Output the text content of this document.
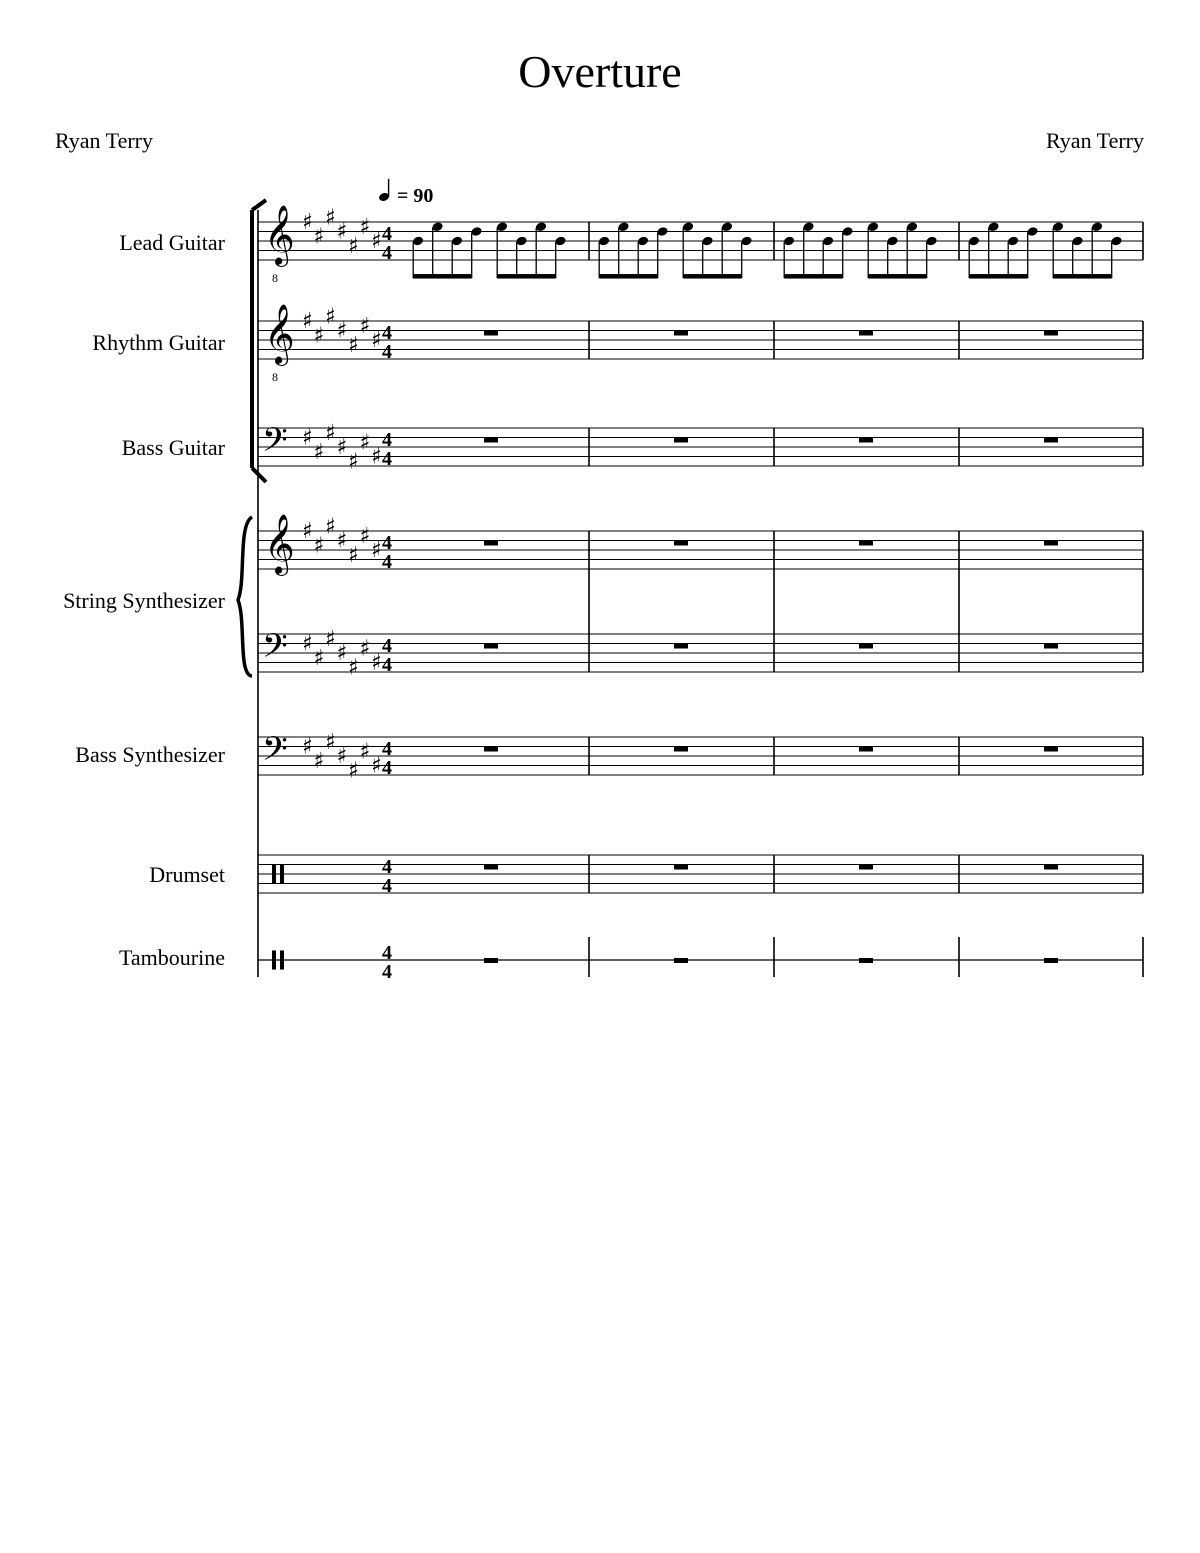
Overture
Ryan Terry	Ryan Terry
Lead Guitar
Rhythm Guitar
Bass Guitar
String Synthesizer
Bass Synthesizer
Drumset
Tambourine
𝄞 ♯
♯
♯
♯
♯
♯
♯
8
4
4
𝄞 ♯
♯
♯
♯
♯
♯
♯
8
4
4
𝄢 ♯
♯
♯
♯
♯
♯
♯
4
4
𝄞 ♯
♯
♯
♯
♯
♯
♯ 4
4
𝄢 ♯
♯
♯
♯
♯
♯
♯
4
4
𝄢 ♯
♯
♯
♯
♯
♯
♯
4
4
4
4
4
4
= 90
